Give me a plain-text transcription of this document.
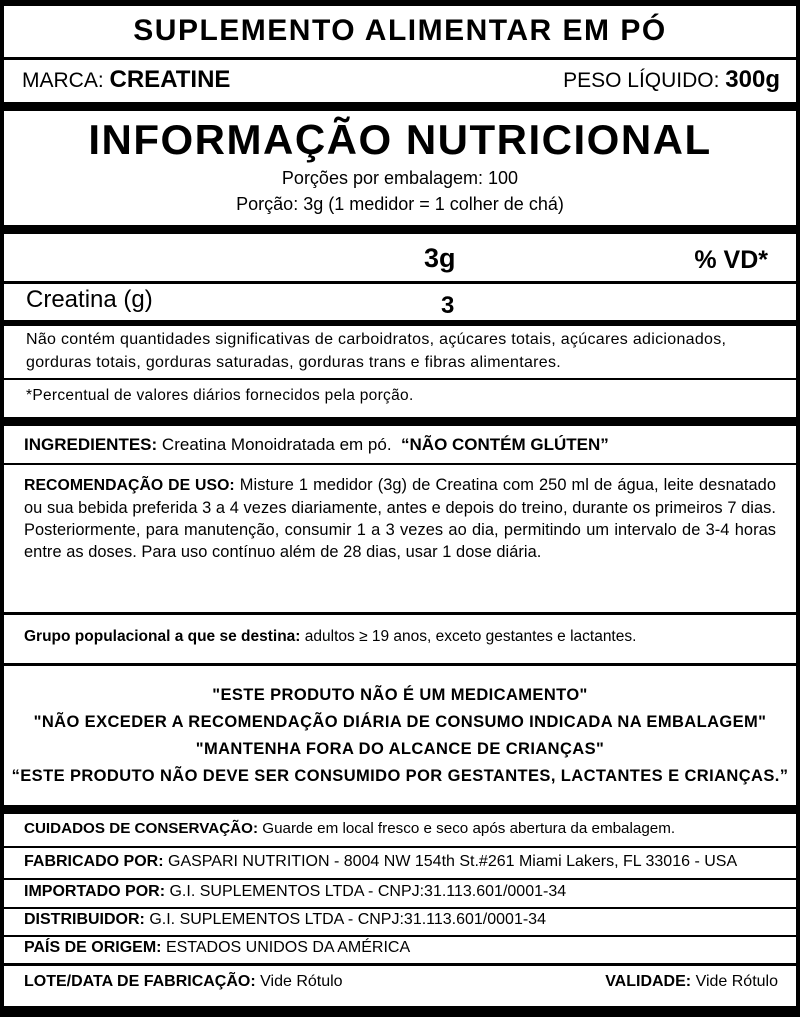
SUPLEMENTO ALIMENTAR EM PÓ
MARCA: CREATINE	PESO LÍQUIDO: 300g
INFORMAÇÃO NUTRICIONAL
Porções por embalagem: 100
Porção: 3g (1 medidor = 1 colher de chá)
3g	% VD*
Creatina (g)	3
Não contém quantidades significativas de carboidratos, açúcares totais, açúcares adicionados,
gorduras totais, gorduras saturadas, gorduras trans e fibras alimentares.
*Percentual de valores diários fornecidos pela porção.
INGREDIENTES: Creatina Monoidratada em pó. “NÃO CONTÉM GLÚTEN”
RECOMENDAÇÃO DE USO: Misture 1 medidor (3g) de Creatina com 250 ml de água, leite desnatado ou sua bebida preferida 3 a 4 vezes diariamente, antes e depois do treino, durante os primeiros 7 dias. Posteriormente, para manutenção, consumir 1 a 3 vezes ao dia, permitindo um intervalo de 3-4 horas entre as doses. Para uso contínuo além de 28 dias, usar 1 dose diária.
Grupo populacional a que se destina: adultos ≥ 19 anos, exceto gestantes e lactantes.
"ESTE PRODUTO NÃO É UM MEDICAMENTO"
"NÃO EXCEDER A RECOMENDAÇÃO DIÁRIA DE CONSUMO INDICADA NA EMBALAGEM"
"MANTENHA FORA DO ALCANCE DE CRIANÇAS"
“ESTE PRODUTO NÃO DEVE SER CONSUMIDO POR GESTANTES, LACTANTES E CRIANÇAS.”
CUIDADOS DE CONSERVAÇÃO: Guarde em local fresco e seco após abertura da embalagem.
FABRICADO POR: GASPARI NUTRITION - 8004 NW 154th St.#261 Miami Lakers, FL 33016 - USA
IMPORTADO POR: G.I. SUPLEMENTOS LTDA - CNPJ:31.113.601/0001-34
DISTRIBUIDOR: G.I. SUPLEMENTOS LTDA - CNPJ:31.113.601/0001-34
PAÍS DE ORIGEM: ESTADOS UNIDOS DA AMÉRICA
LOTE/DATA DE FABRICAÇÃO: Vide Rótulo	VALIDADE: Vide Rótulo
